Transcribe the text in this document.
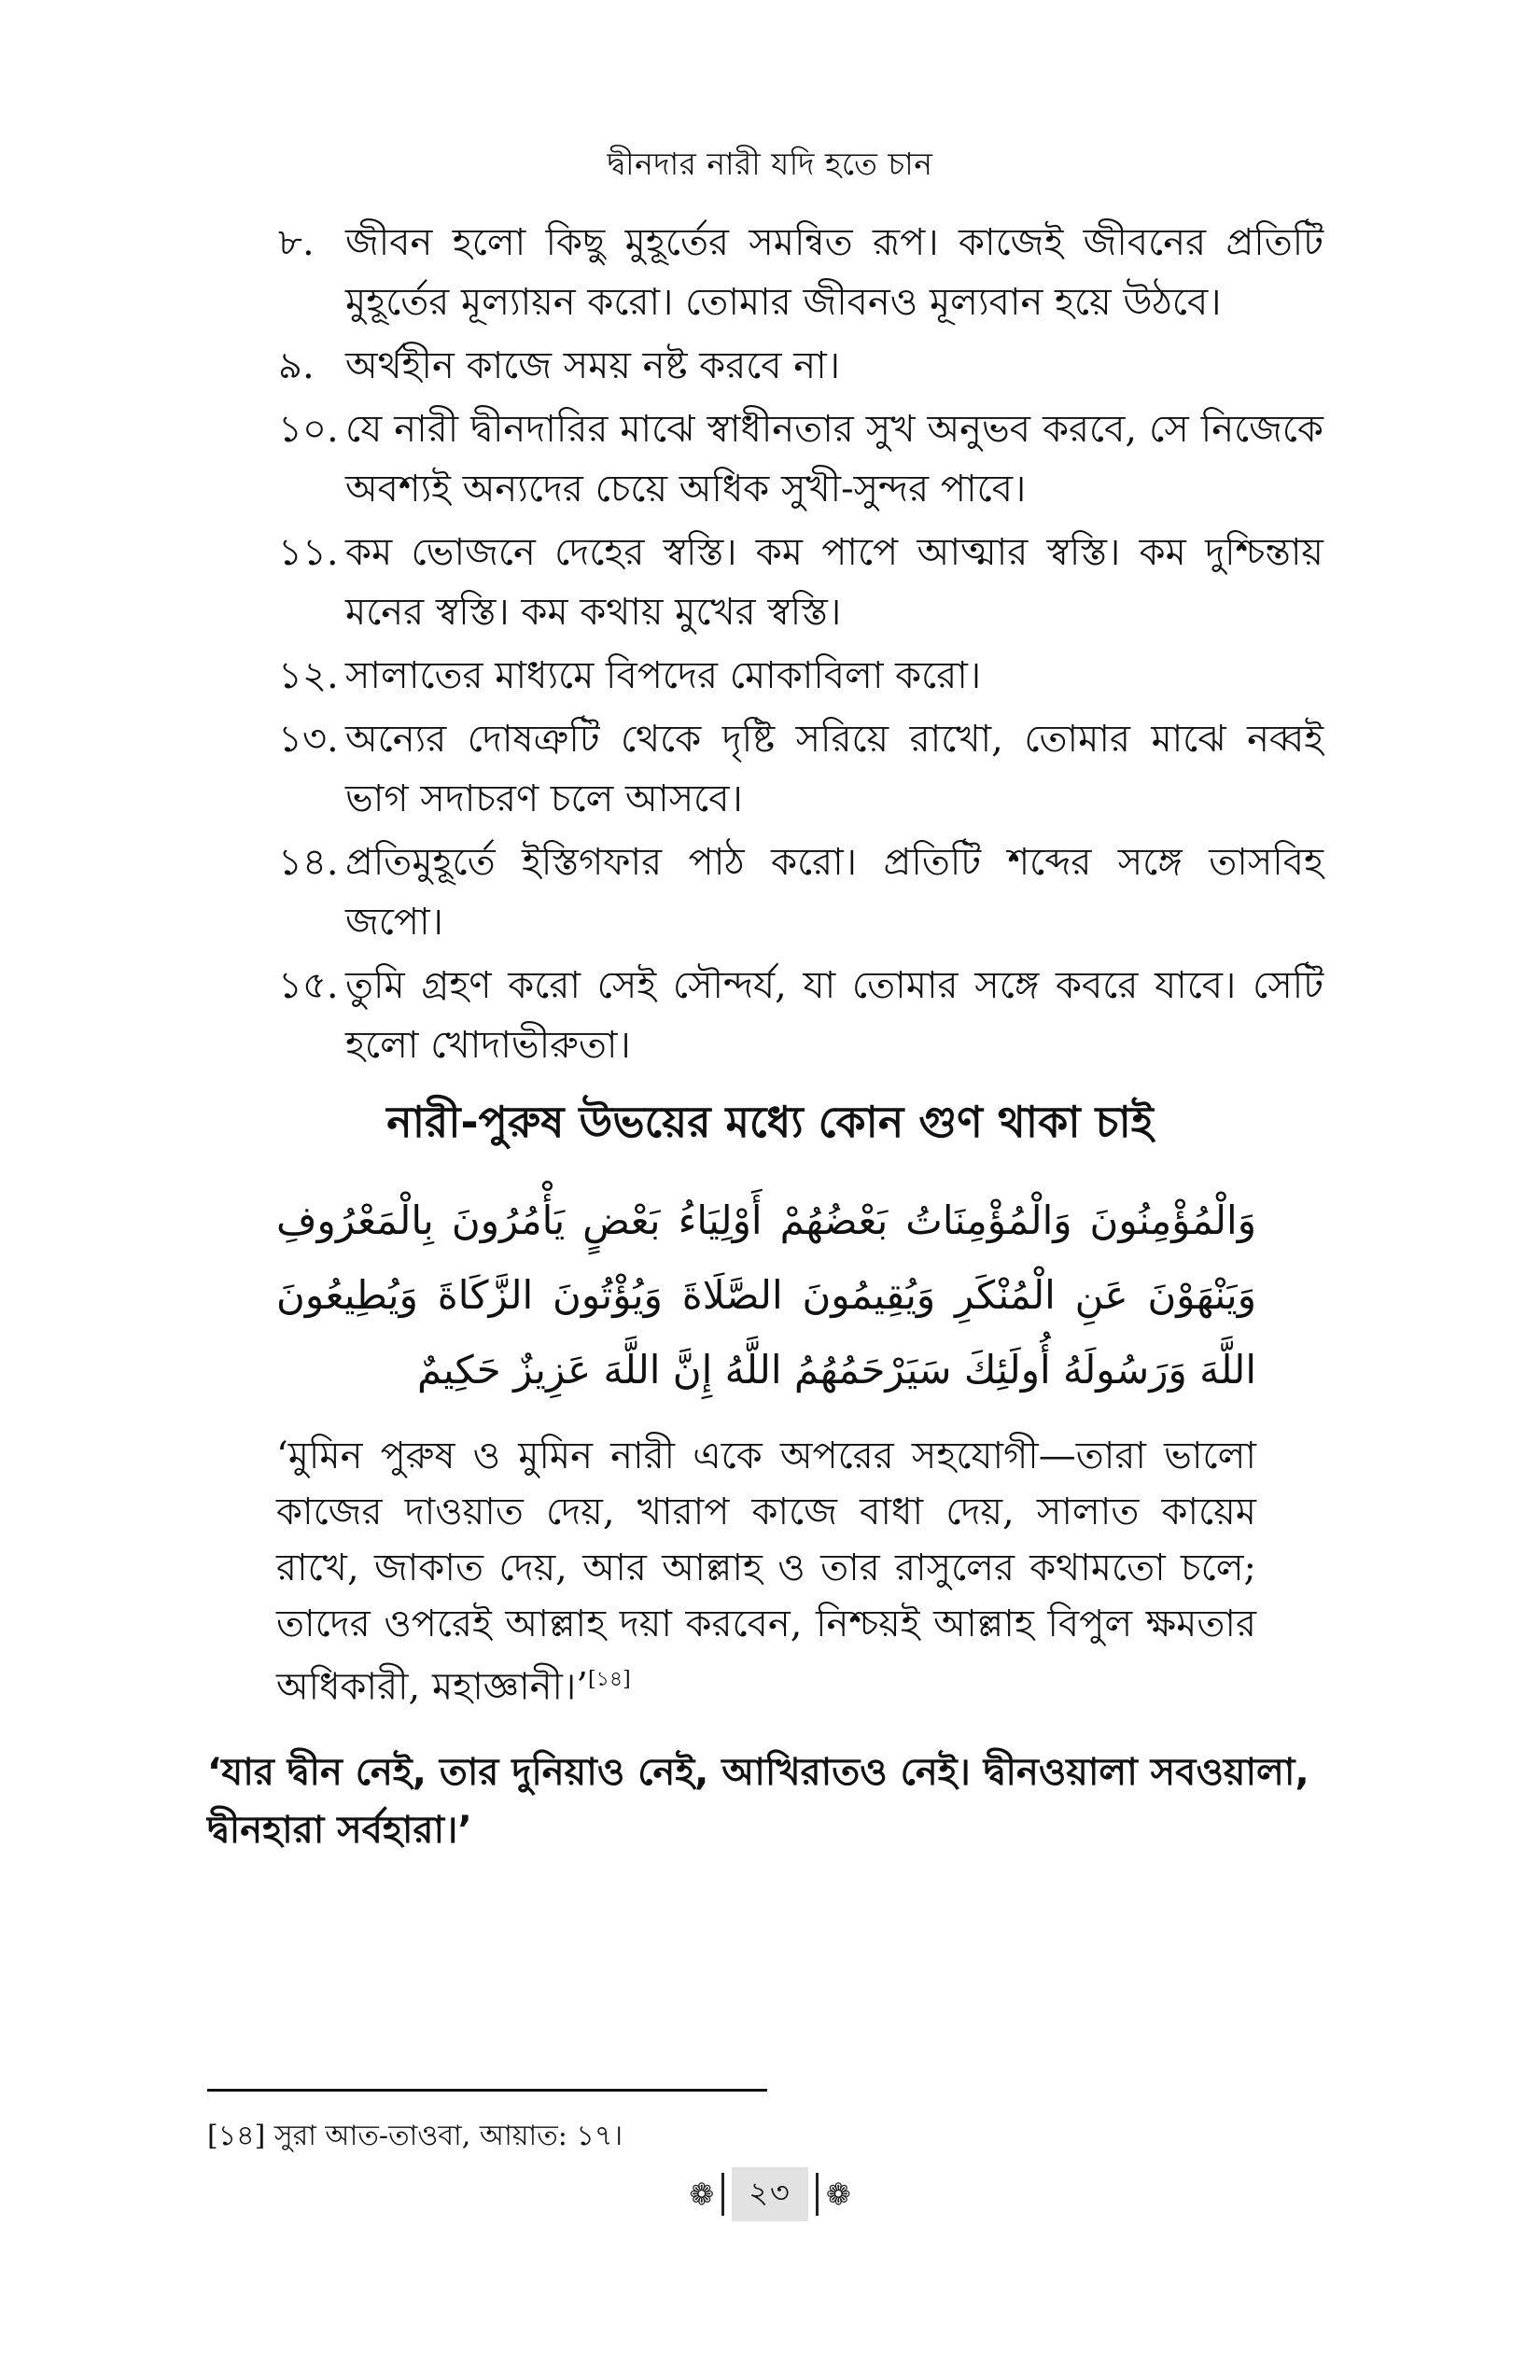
দ্বীনদার নারী যদি হতে চান
৮. জীবন হলো কিছু মুহূর্তের সমন্বিত রূপ। কাজেই জীবনের প্রতিটি মুহূর্তের মূল্যায়ন করো। তোমার জীবনও মূল্যবান হয়ে উঠবে।
৯. অর্থহীন কাজে সময় নষ্ট করবে না।
১০. যে নারী দ্বীনদারির মাঝে স্বাধীনতার সুখ অনুভব করবে, সে নিজেকে অবশ্যই অন্যদের চেয়ে অধিক সুখী-সুন্দর পাবে।
১১. কম ভোজনে দেহের স্বস্তি। কম পাপে আত্মার স্বস্তি। কম দুশ্চিন্তায় মনের স্বস্তি। কম কথায় মুখের স্বস্তি।
১২. সালাতের মাধ্যমে বিপদের মোকাবিলা করো।
১৩. অন্যের দোষত্রুটি থেকে দৃষ্টি সরিয়ে রাখো, তোমার মাঝে নব্বই ভাগ সদাচরণ চলে আসবে।
১৪. প্রতিমুহূর্তে ইস্তিগফার পাঠ করো। প্রতিটি শব্দের সঙ্গে তাসবিহ জপো।
১৫. তুমি গ্রহণ করো সেই সৌন্দর্য, যা তোমার সঙ্গে কবরে যাবে। সেটি হলো খোদাভীরুতা।
নারী-পুরুষ উভয়ের মধ্যে কোন গুণ থাকা চাই
وَالْمُؤْمِنُونَ وَالْمُؤْمِنَاتُ بَعْضُهُمْ أَوْلِيَاءُ بَعْضٍ يَأْمُرُونَ بِالْمَعْرُوفِ وَيَنْهَوْنَ عَنِ الْمُنْكَرِ وَيُقِيمُونَ الصَّلَاةَ وَيُؤْتُونَ الزَّكَاةَ وَيُطِيعُونَ اللَّهَ وَرَسُولَهُ أُولَئِكَ سَيَرْحَمُهُمُ اللَّهُ إِنَّ اللَّهَ عَزِيزٌ حَكِيمٌ

‘মুমিন পুরুষ ও মুমিন নারী একে অপরের সহযোগী—তারা ভালো কাজের দাওয়াত দেয়, খারাপ কাজে বাধা দেয়, সালাত কায়েম রাখে, জাকাত দেয়, আর আল্লাহ ও তার রাসুলের কথামতো চলে; তাদের ওপরেই আল্লাহ দয়া করবেন, নিশ্চয়ই আল্লাহ বিপুল ক্ষমতার অধিকারী, মহাজ্ঞানী।’[১৪]

‘যার দ্বীন নেই, তার দুনিয়াও নেই, আখিরাতও নেই। দ্বীনওয়ালা সবওয়ালা, দ্বীনহারা সর্বহারা।’

[১৪] সুরা আত-তাওবা, আয়াত: ১৭।
❁	২৩	❁
